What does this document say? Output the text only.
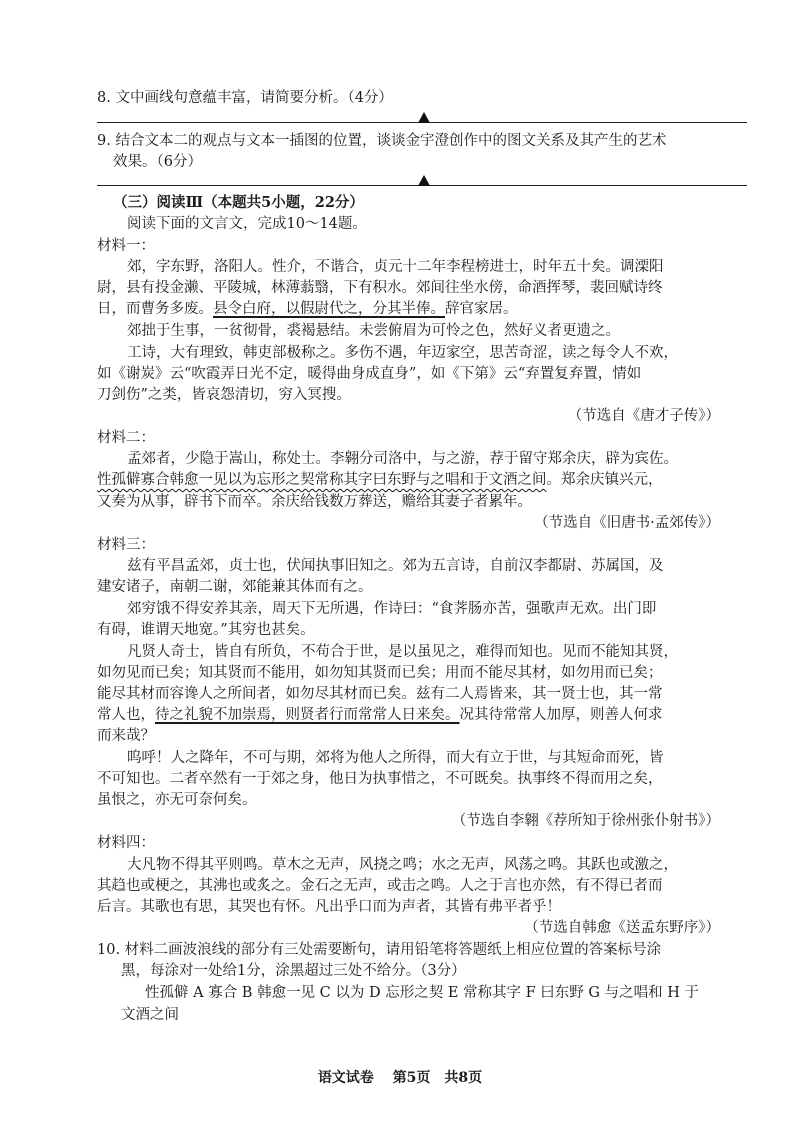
8. 文中画线句意蕴丰富，请简要分析。（4分）
9. 结合文本二的观点与文本一插图的位置，谈谈金宇澄创作中的图文关系及其产生的艺术
效果。（6分）
（三）阅读Ⅲ（本题共5小题，22分）
阅读下面的文言文，完成10～14题。
材料一：
郊，字东野，洛阳人。性介，不谐合，贞元十二年李程榜进士，时年五十矣。调溧阳
尉，县有投金濑、平陵城，林薄蓊翳，下有积水。郊间往坐水傍，命酒挥琴，裴回赋诗终
日，而曹务多废。县令白府，以假尉代之，分其半俸。辞官家居。
郊拙于生事，一贫彻骨，裘褐悬结。未尝俯眉为可怜之色，然好义者更遗之。
工诗，大有理致，韩吏部极称之。多伤不遇，年迈家空，思苦奇涩，读之每令人不欢，
如《谢炭》云“吹霞弄日光不定，暖得曲身成直身”，如《下第》云“弃置复弃置，情如
刀剑伤”之类，皆哀怨清切，穷入冥搜。
（节选自《唐才子传》）
材料二：
孟郊者，少隐于嵩山，称处士。李翱分司洛中，与之游，荐于留守郑余庆，辟为宾佐。
性孤僻寡合韩愈一见以为忘形之契常称其字曰东野与之唱和于文酒之间。郑余庆镇兴元，
又奏为从事，辟书下而卒。余庆给钱数万葬送，赡给其妻子者累年。
（节选自《旧唐书·孟郊传》）
材料三：
兹有平昌孟郊，贞士也，伏闻执事旧知之。郊为五言诗，自前汉李都尉、苏属国，及
建安诸子，南朝二谢，郊能兼其体而有之。
郊穷饿不得安养其亲，周天下无所遇，作诗曰：“食荠肠亦苦，强歌声无欢。出门即
有碍，谁谓天地宽。”其穷也甚矣。
凡贤人奇士，皆自有所负，不苟合于世，是以虽见之，难得而知也。见而不能知其贤，
如勿见而已矣；知其贤而不能用，如勿知其贤而已矣；用而不能尽其材，如勿用而已矣；
能尽其材而容谗人之所间者，如勿尽其材而已矣。兹有二人焉皆来，其一贤士也，其一常
常人也，待之礼貌不加崇焉，则贤者行而常常人日来矣。况其待常常人加厚，则善人何求
而来哉？
呜呼！人之降年，不可与期，郊将为他人之所得，而大有立于世，与其短命而死，皆
不可知也。二者卒然有一于郊之身，他日为执事惜之，不可既矣。执事终不得而用之矣，
虽恨之，亦无可奈何矣。
（节选自李翱《荐所知于徐州张仆射书》）
材料四：
大凡物不得其平则鸣。草木之无声，风挠之鸣；水之无声，风荡之鸣。其跃也或激之，
其趋也或梗之，其沸也或炙之。金石之无声，或击之鸣。人之于言也亦然，有不得已者而
后言。其歌也有思，其哭也有怀。凡出乎口而为声者，其皆有弗平者乎！
（节选自韩愈《送孟东野序》）
10. 材料二画波浪线的部分有三处需要断句，请用铅笔将答题纸上相应位置的答案标号涂
黑，每涂对一处给1分，涂黑超过三处不给分。（3分）
性孤僻 A 寡合 B 韩愈一见 C 以为 D 忘形之契 E 常称其字 F 曰东野 G 与之唱和 H 于
文酒之间
语文试卷　 第5页　共8页
